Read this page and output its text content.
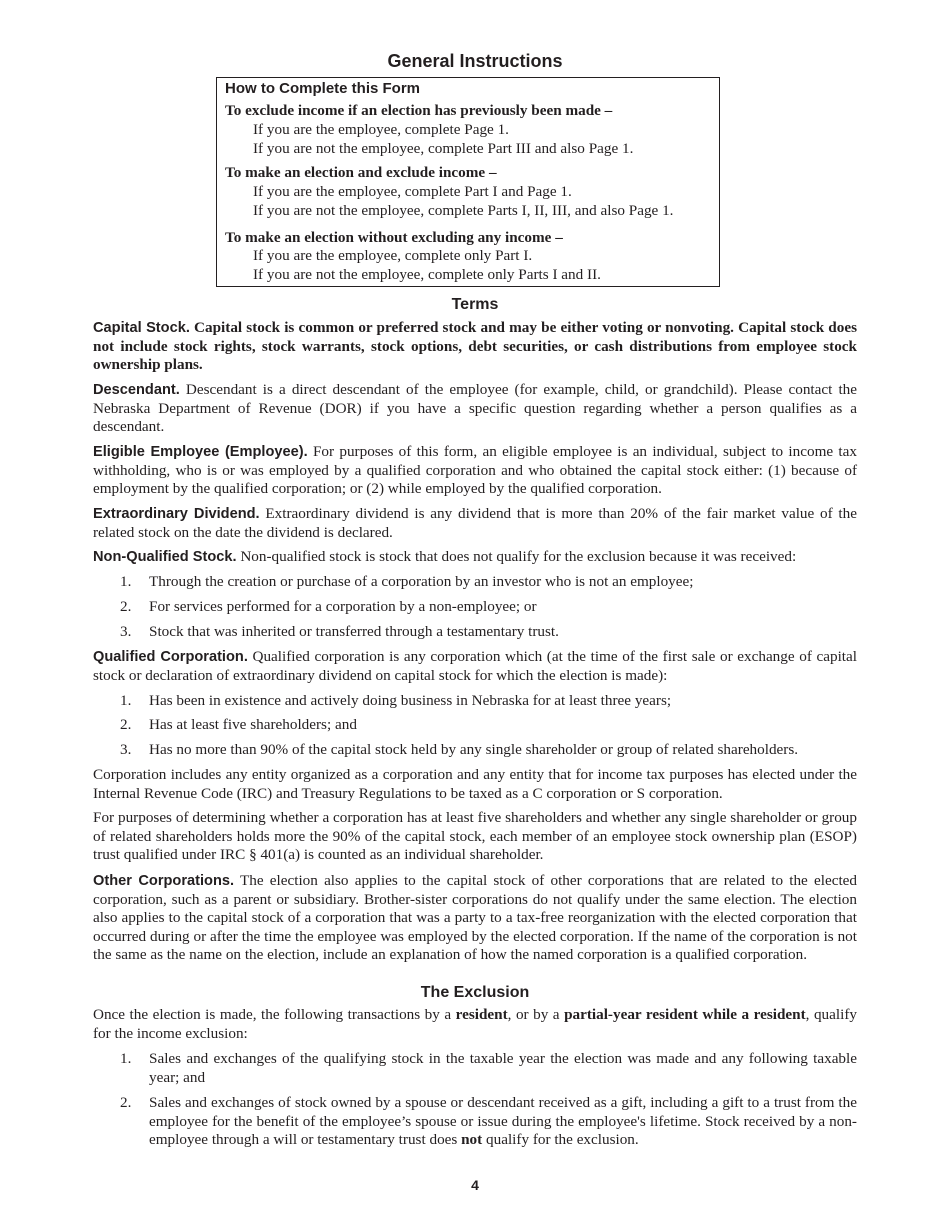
General Instructions
How to Complete this Form
To exclude income if an election has previously been made –
If you are the employee, complete Page 1.
If you are not the employee, complete Part III and also Page 1.
To make an election and exclude income –
If you are the employee, complete Part I and Page 1.
If you are not the employee, complete Parts I, II, III, and also Page 1.
To make an election without excluding any income –
If you are the employee, complete only Part I.
If you are not the employee, complete only Parts I and II.
Terms

Capital Stock. Capital stock is common or preferred stock and may be either voting or nonvoting. Capital stock does not include stock rights, stock warrants, stock options, debt securities, or cash distributions from employee stock ownership plans.

Descendant. Descendant is a direct descendant of the employee (for example, child, or grandchild). Please contact the Nebraska Department of Revenue (DOR) if you have a specific question regarding whether a person qualifies as a descendant.

Eligible Employee (Employee). For purposes of this form, an eligible employee is an individual, subject to income tax withholding, who is or was employed by a qualified corporation and who obtained the capital stock either: (1) because of employment by the qualified corporation; or (2) while employed by the qualified corporation.

Extraordinary Dividend. Extraordinary dividend is any dividend that is more than 20% of the fair market value of the related stock on the date the dividend is declared.

Non-Qualified Stock. Non-qualified stock is stock that does not qualify for the exclusion because it was received:

1.	Through the creation or purchase of a corporation by an investor who is not an employee;
2.	For services performed for a corporation by a non-employee; or
3.	Stock that was inherited or transferred through a testamentary trust.

Qualified Corporation. Qualified corporation is any corporation which (at the time of the first sale or exchange of capital stock or declaration of extraordinary dividend on capital stock for which the election is made):

1.	Has been in existence and actively doing business in Nebraska for at least three years;
2.	Has at least five shareholders; and
3.	Has no more than 90% of the capital stock held by any single shareholder or group of related shareholders.

Corporation includes any entity organized as a corporation and any entity that for income tax purposes has elected under the Internal Revenue Code (IRC) and Treasury Regulations to be taxed as a C corporation or S corporation.

For purposes of determining whether a corporation has at least five shareholders and whether any single shareholder or group of related shareholders holds more the 90% of the capital stock, each member of an employee stock ownership plan (ESOP) trust qualified under IRC § 401(a) is counted as an individual shareholder.

Other Corporations. The election also applies to the capital stock of other corporations that are related to the elected corporation, such as a parent or subsidiary. Brother-sister corporations do not qualify under the same election. The election also applies to the capital stock of a corporation that was a party to a tax-free reorganization with the elected corporation that occurred during or after the time the employee was employed by the elected corporation. If the name of the corporation is not the same as the name on the election, include an explanation of how the named corporation is a qualified corporation.

The Exclusion

Once the election is made, the following transactions by a resident, or by a partial-year resident while a resident, qualify for the income exclusion:

1.	Sales and exchanges of the qualifying stock in the taxable year the election was made and any following taxable year; and
2.	Sales and exchanges of stock owned by a spouse or descendant received as a gift, including a gift to a trust from the employee for the benefit of the employee’s spouse or issue during the employee's lifetime. Stock received by a non-employee through a will or testamentary trust does not qualify for the exclusion.
4
